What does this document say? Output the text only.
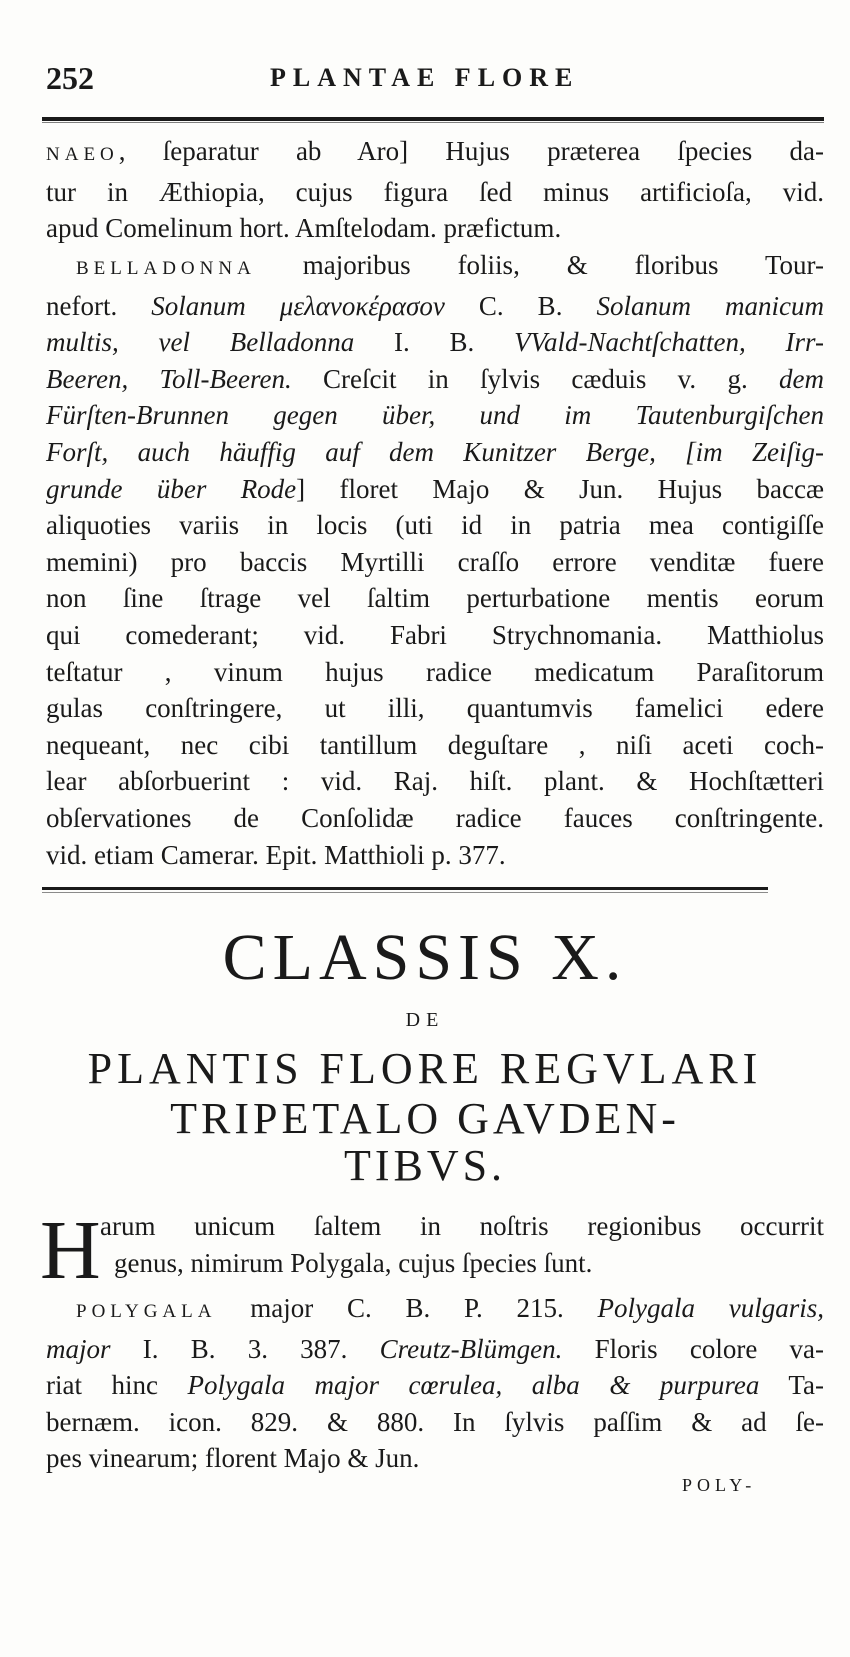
252	PLANTAE FLORE
NAEO, ſeparatur ab Aro] Hujus præterea ſpecies da-
tur in Æthiopia, cujus figura ſed minus artificioſa, vid.
apud Comelinum hort. Amſtelodam. præfictum.
BELLADONNA majoribus foliis, & floribus Tour-
nefort. Solanum μελανοκέρασον C. B. Solanum manicum
multis, vel Belladonna I. B. VVald-Nachtſchatten, Irr-
Beeren, Toll-Beeren. Creſcit in ſylvis cæduis v. g. dem
Fürſten-Brunnen gegen über, und im Tautenburgiſchen
Forſt, auch häuffig auf dem Kunitzer Berge, [im Zeiſig-
grunde über Rode] floret Majo & Jun. Hujus baccæ
aliquoties variis in locis (uti id in patria mea contigiſſe
memini) pro baccis Myrtilli craſſo errore venditæ fuere
non ſine ſtrage vel ſaltim perturbatione mentis eorum
qui comederant; vid. Fabri Strychnomania. Matthiolus
teſtatur , vinum hujus radice medicatum Paraſitorum
gulas conſtringere, ut illi, quantumvis famelici edere
nequeant, nec cibi tantillum deguſtare , niſi aceti coch-
lear abſorbuerint : vid. Raj. hiſt. plant. & Hochſtætteri
obſervationes de Conſolidæ radice fauces conſtringente.
vid. etiam Camerar. Epit. Matthioli p. 377.
CLASSIS X.
DE
PLANTIS FLORE REGVLARI
TRIPETALO GAVDEN-
TIBVS.
H arum unicum ſaltem in noſtris regionibus occurrit
genus, nimirum Polygala, cujus ſpecies ſunt.
POLYGALA major C. B. P. 215. Polygala vulgaris,
major I. B. 3. 387. Creutz-Blümgen. Floris colore va-
riat hinc Polygala major cœrulea, alba & purpurea Ta-
bernæm. icon. 829. & 880. In ſylvis paſſim & ad ſe-
pes vinearum; florent Majo & Jun.
POLY-
